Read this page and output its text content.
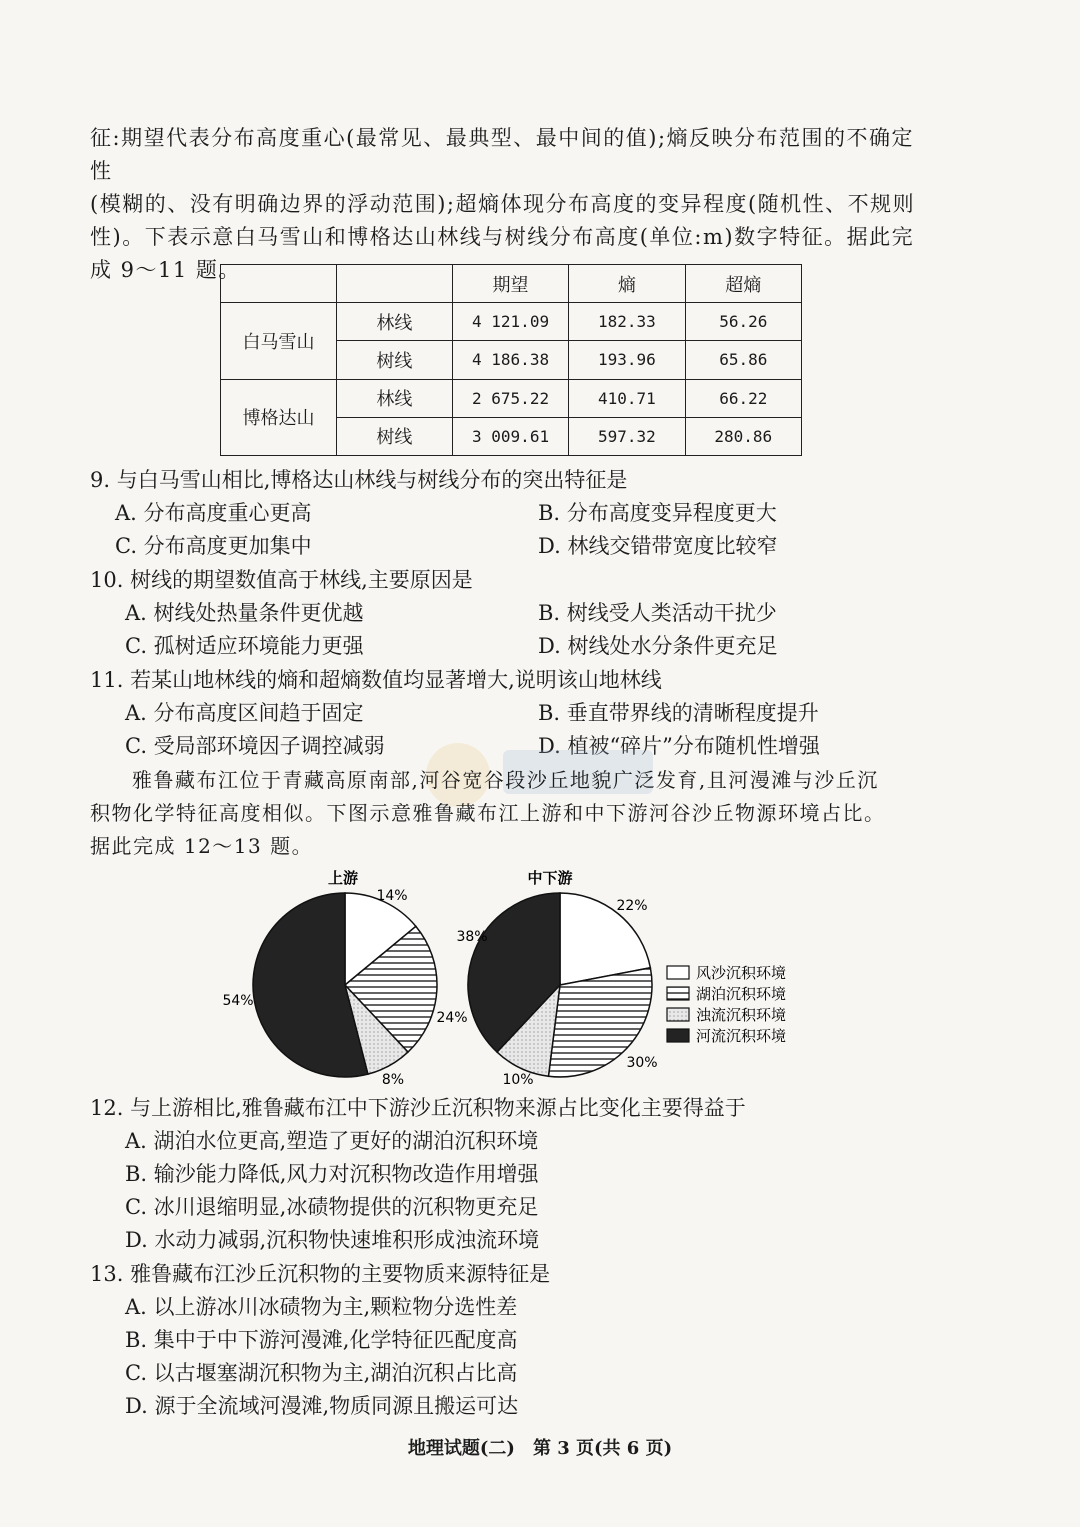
征:期望代表分布高度重心(最常见、最典型、最中间的值);熵反映分布范围的不确定性

(模糊的、没有明确边界的浮动范围);超熵体现分布高度的变异程度(随机性、不规则

性)。下表示意白马雪山和博格达山林线与树线分布高度(单位:m)数字特征。据此完

成 9～11 题。

		期望	熵	超熵
白马雪山	林线	4 121.09	182.33	56.26
	树线	4 186.38	193.96	65.86
博格达山	林线	2 675.22	410.71	66.22
	树线	3 009.61	597.32	280.86
9. 与白马雪山相比,博格达山林线与树线分布的突出特征是
A. 分布高度重心更高	B. 分布高度变异程度更大
C. 分布高度更加集中	D. 林线交错带宽度比较窄
10. 树线的期望数值高于林线,主要原因是
A. 树线处热量条件更优越	B. 树线受人类活动干扰少
C. 孤树适应环境能力更强	D. 树线处水分条件更充足
11. 若某山地林线的熵和超熵数值均显著增大,说明该山地林线
A. 分布高度区间趋于固定	B. 垂直带界线的清晰程度提升
C. 受局部环境因子调控减弱	D. 植被“碎片”分布随机性增强

雅鲁藏布江位于青藏高原南部,河谷宽谷段沙丘地貌广泛发育,且河漫滩与沙丘沉

积物化学特征高度相似。下图示意雅鲁藏布江上游和中下游河谷沙丘物源环境占比。

据此完成 12～13 题。

14%
24%
8%
54%
上游
22%
30%
10%
38%
中下游
风沙沉积环境
湖泊沉积环境
浊流沉积环境
河流沉积环境
12. 与上游相比,雅鲁藏布江中下游沙丘沉积物来源占比变化主要得益于
A. 湖泊水位更高,塑造了更好的湖泊沉积环境
B. 输沙能力降低,风力对沉积物改造作用增强
C. 冰川退缩明显,冰碛物提供的沉积物更充足
D. 水动力减弱,沉积物快速堆积形成浊流环境
13. 雅鲁藏布江沙丘沉积物的主要物质来源特征是
A. 以上游冰川冰碛物为主,颗粒物分选性差
B. 集中于中下游河漫滩,化学特征匹配度高
C. 以古堰塞湖沉积物为主,湖泊沉积占比高
D. 源于全流域河漫滩,物质同源且搬运可达
地理试题(二)　第 3 页(共 6 页)
